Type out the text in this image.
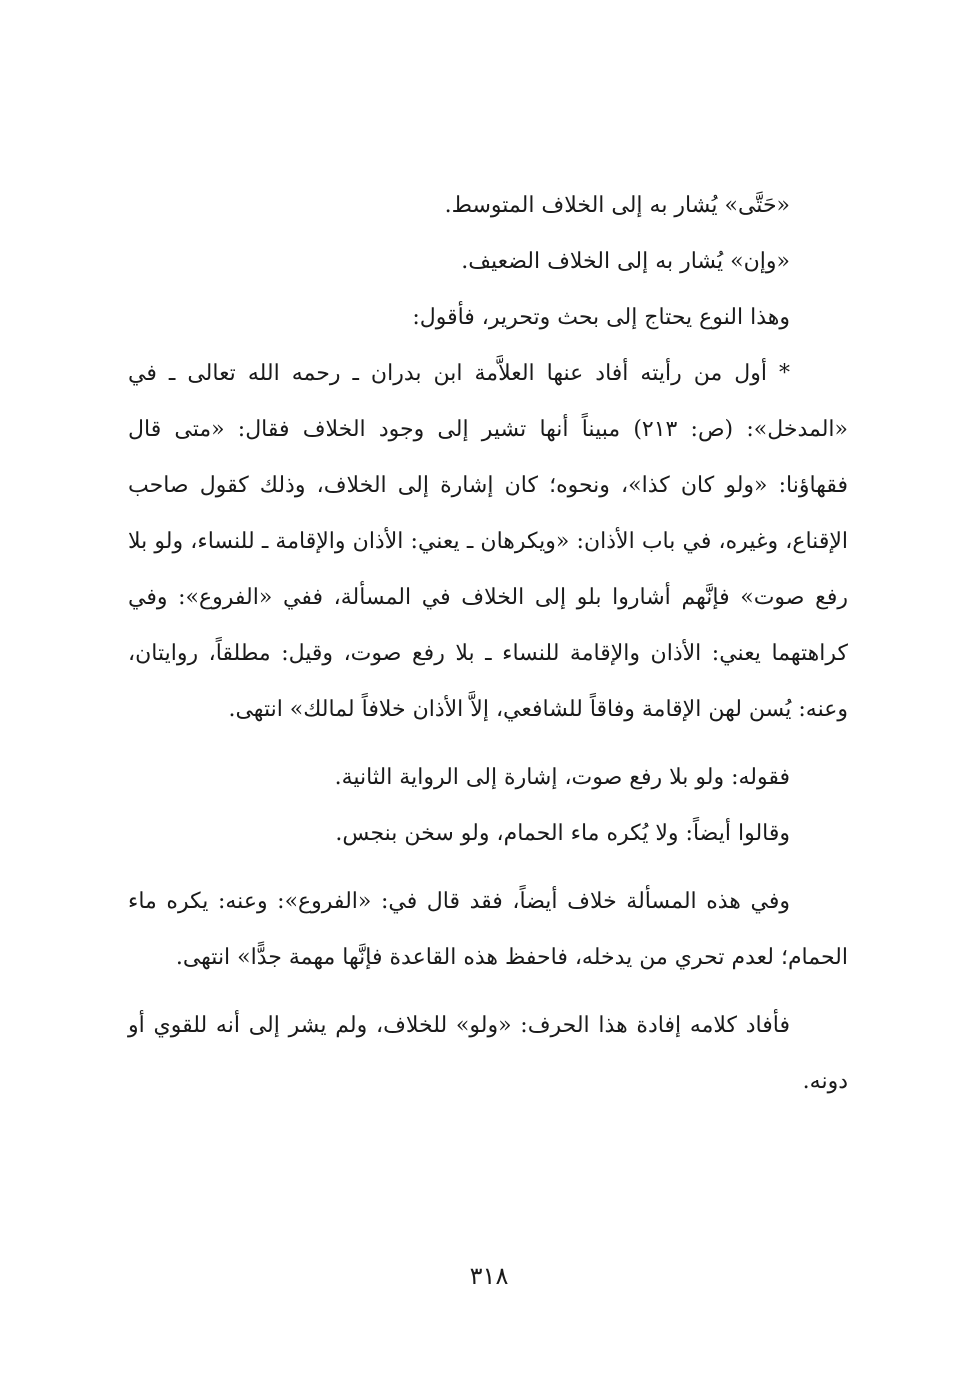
«حَتَّى» يُشار به إلى الخلاف المتوسط.

«وإن» يُشار به إلى الخلاف الضعيف.

وهذا النوع يحتاج إلى بحث وتحرير، فأقول:

* أول من رأيته أفاد عنها العلاَّمة ابن بدران ـ رحمه الله تعالى ـ في «المدخل»: (ص: ٢١٣) مبيناً أنها تشير إلى وجود الخلاف فقال: «متى قال فقهاؤنا: «ولو كان كذا»، ونحوه؛ كان إشارة إلى الخلاف، وذلك كقول صاحب الإقناع، وغيره، في باب الأذان: «ويكرهان ـ يعني: الأذان والإقامة ـ للنساء، ولو بلا رفع صوت» فإنَّهم أشاروا بلو إلى الخلاف في المسألة، ففي «الفروع»: وفي كراهتهما يعني: الأذان والإقامة للنساء ـ بلا رفع صوت، وقيل: مطلقاً، روايتان، وعنه: يُسن لهن الإقامة وفاقاً للشافعي، إلاَّ الأذان خلافاً لمالك» انتهى.

فقوله: ولو بلا رفع صوت، إشارة إلى الرواية الثانية.

وقالوا أيضاً: ولا يُكره ماء الحمام، ولو سخن بنجس.

وفي هذه المسألة خلاف أيضاً، فقد قال في: «الفروع»: وعنه: يكره ماء الحمام؛ لعدم تحري من يدخله، فاحفظ هذه القاعدة فإنَّها مهمة جدًّا» انتهى.

فأفاد كلامه إفادة هذا الحرف: «ولو» للخلاف، ولم يشر إلى أنه للقوي أو دونه.

٣١٨
